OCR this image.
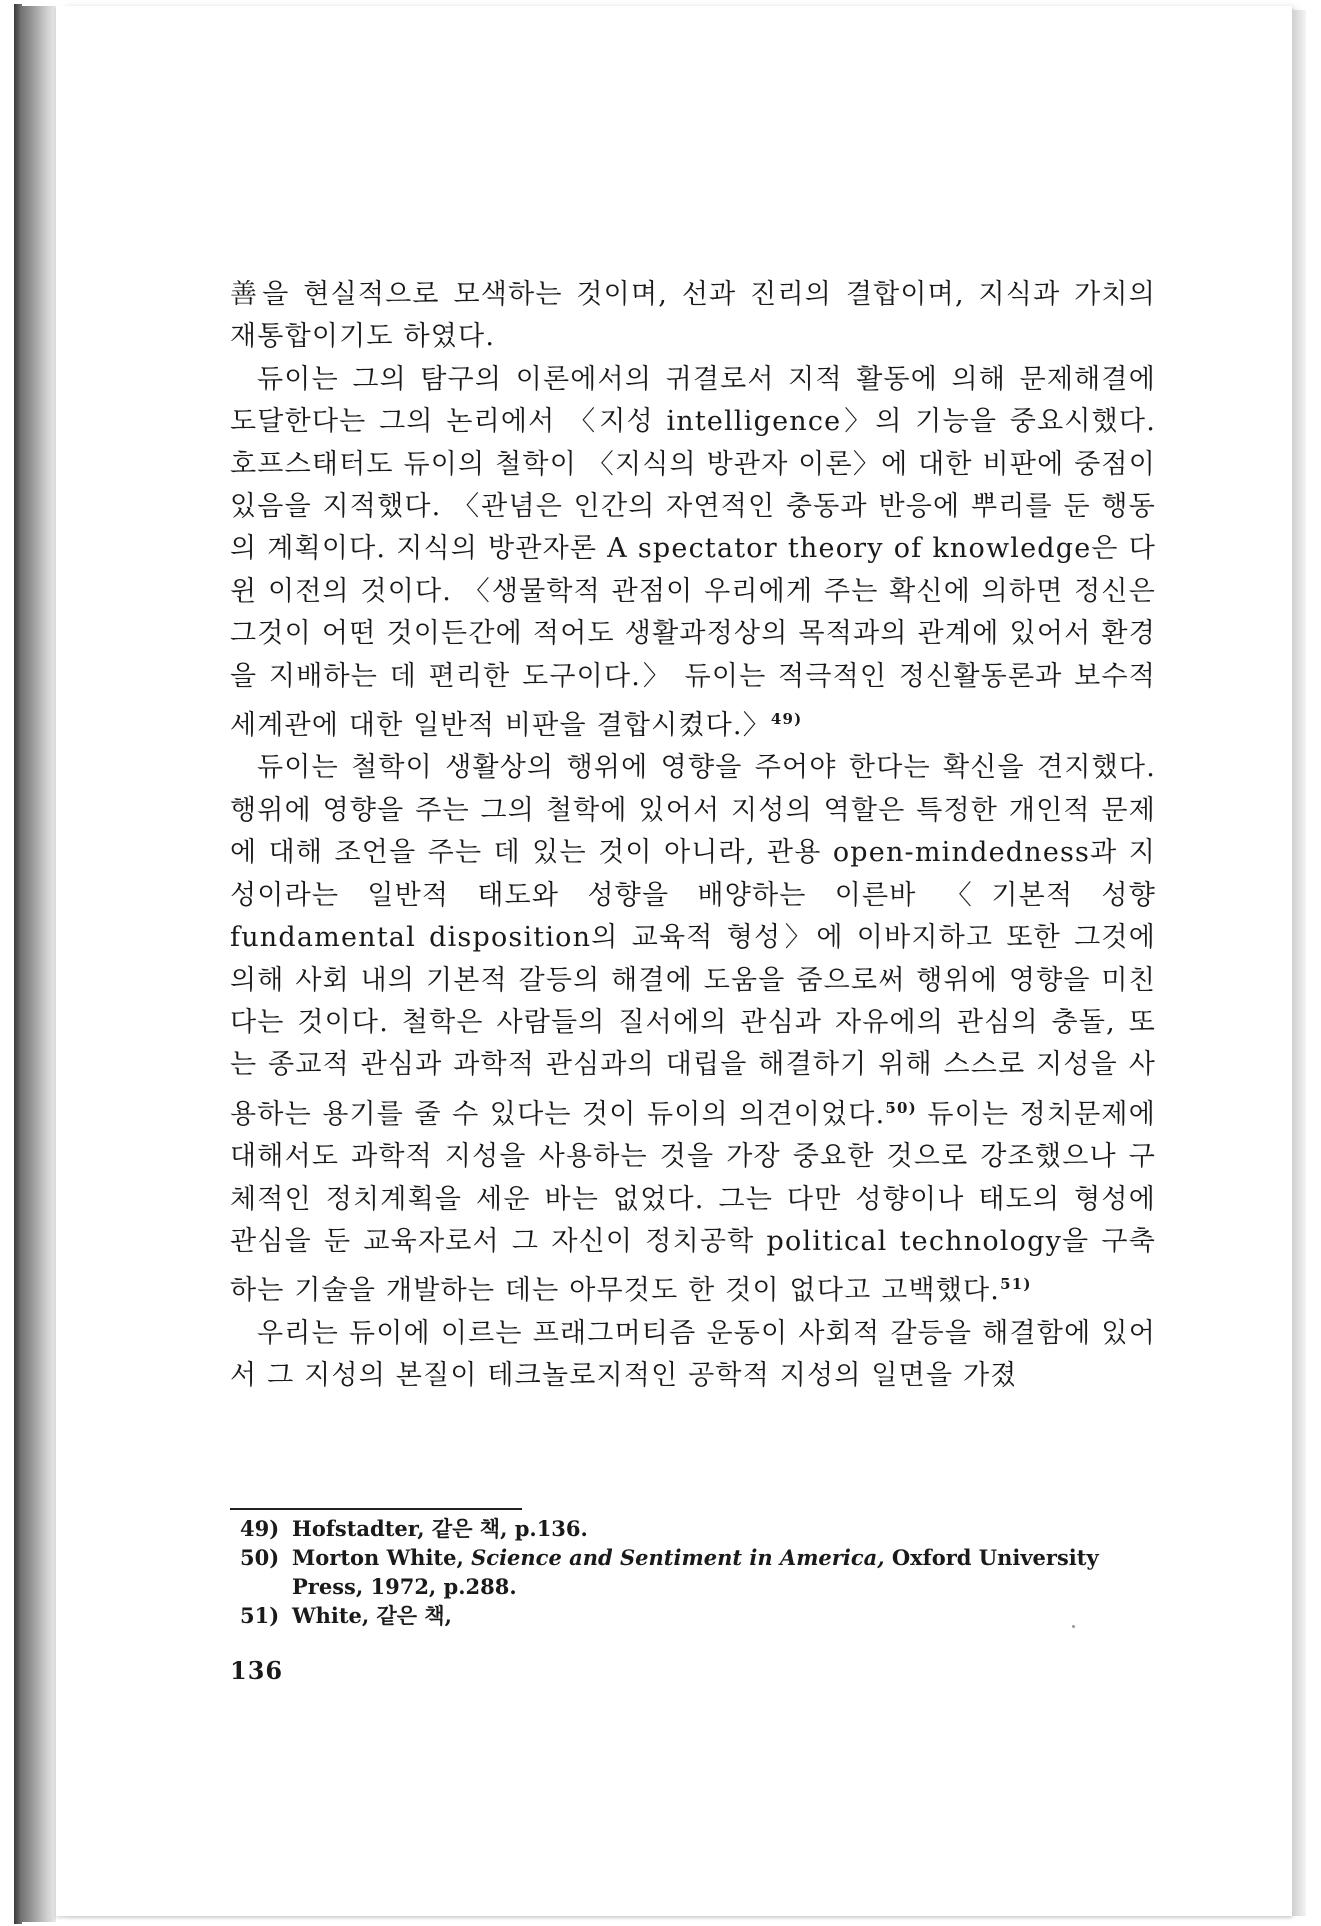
善을 현실적으로 모색하는 것이며, 선과 진리의 결합이며, 지식과 가치의 재통합이기도 하였다.

듀이는 그의 탐구의 이론에서의 귀결로서 지적 활동에 의해 문제해결에 도달한다는 그의 논리에서 〈지성 intelligence〉의 기능을 중요시했다. 호프스태터도 듀이의 철학이 〈지식의 방관자 이론〉에 대한 비판에 중점이 있음을 지적했다. 〈관념은 인간의 자연적인 충동과 반응에 뿌리를 둔 행동의 계획이다. 지식의 방관자론 A spectator theory of knowledge은 다윈 이전의 것이다. 〈생물학적 관점이 우리에게 주는 확신에 의하면 정신은 그것이 어떤 것이든간에 적어도 생활과정상의 목적과의 관계에 있어서 환경을 지배하는 데 편리한 도구이다.〉 듀이는 적극적인 정신활동론과 보수적 세계관에 대한 일반적 비판을 결합시켰다.〉$^{49)}$

듀이는 철학이 생활상의 행위에 영향을 주어야 한다는 확신을 견지했다. 행위에 영향을 주는 그의 철학에 있어서 지성의 역할은 특정한 개인적 문제에 대해 조언을 주는 데 있는 것이 아니라, 관용 open-mindedness과 지성이라는 일반적 태도와 성향을 배양하는 이른바 〈기본적 성향 fundamental disposition의 교육적 형성〉에 이바지하고 또한 그것에 의해 사회 내의 기본적 갈등의 해결에 도움을 줌으로써 행위에 영향을 미친다는 것이다. 철학은 사람들의 질서에의 관심과 자유에의 관심의 충돌, 또는 종교적 관심과 과학적 관심과의 대립을 해결하기 위해 스스로 지성을 사용하는 용기를 줄 수 있다는 것이 듀이의 의견이었다.$^{50)}$ 듀이는 정치문제에 대해서도 과학적 지성을 사용하는 것을 가장 중요한 것으로 강조했으나 구체적인 정치계획을 세운 바는 없었다. 그는 다만 성향이나 태도의 형성에 관심을 둔 교육자로서 그 자신이 정치공학 political technology을 구축하는 기술을 개발하는 데는 아무것도 한 것이 없다고 고백했다.$^{51)}$

우리는 듀이에 이르는 프래그머티즘 운동이 사회적 갈등을 해결함에 있어서 그 지성의 본질이 테크놀로지적인 공학적 지성의 일면을 가졌

49) Hofstadter, 같은 책, p.136.
50) Morton White, Science and Sentiment in America, Oxford University Press, 1972, p.288.
51) White, 같은 책,
136
